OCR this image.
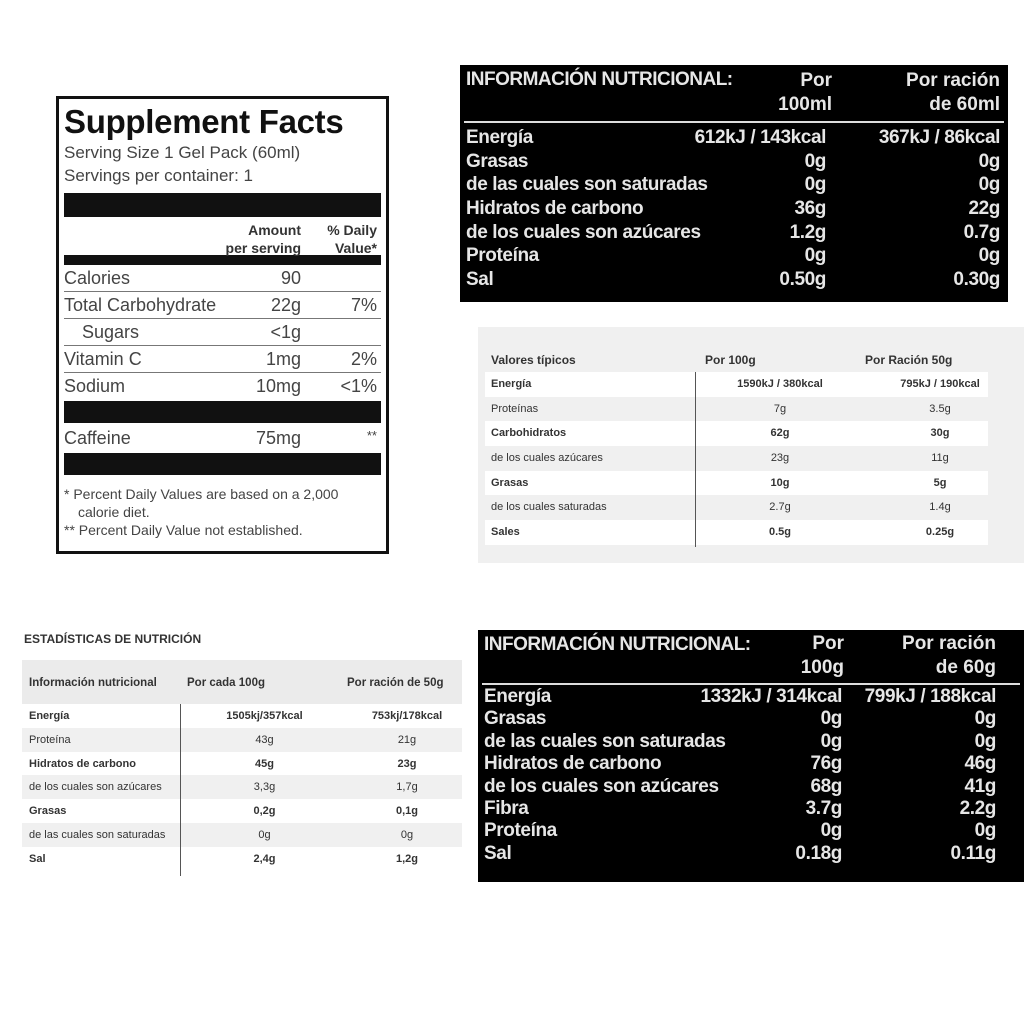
Supplement Facts
Serving Size 1 Gel Pack (60ml)
Servings per container: 1
Amount
per serving
% Daily
Value*
Calories	90
Total Carbohydrate	22g	7%
Sugars	<1g
Vitamin C	1mg	2%
Sodium	10mg <1%
Caffeine	75mg	**
* Percent Daily Values are based on a 2,000 calorie diet.
** Percent Daily Value not established.
INFORMACIÓN NUTRICIONAL:	Por
100ml
Por ración
de 60ml
Energía	612kJ / 143kcal	367kJ / 86kcal
Grasas	0g	0g
de las cuales son saturadas	0g	0g
Hidratos de carbono	36g	22g
de los cuales son azúcares	1.2g	0.7g
Proteína	0g	0g
Sal	0.50g	0.30g
Valores típicos	Por 100g	Por Ración 50g
Energía	1590kJ / 380kcal	795kJ / 190kcal
Proteínas	7g	3.5g
Carbohidratos	62g	30g
de los cuales azúcares	23g	11g
Grasas	10g	5g
de los cuales saturadas	2.7g	1.4g
Sales	0.5g	0.25g
ESTADÍSTICAS DE NUTRICIÓN
Información nutricional	Por cada 100g	Por ración de 50g
Energía	1505kj/357kcal	753kj/178kcal
Proteína	43g	21g
Hidratos de carbono	45g	23g
de los cuales son azúcares	3,3g	1,7g
Grasas	0,2g	0,1g
de las cuales son saturadas	0g	0g
Sal	2,4g	1,2g
INFORMACIÓN NUTRICIONAL:	Por
100g
Por ración
de 60g
Energía	1332kJ / 314kcal 799kJ / 188kcal
Grasas	0g	0g
de las cuales son saturadas	0g	0g
Hidratos de carbono	76g	46g
de los cuales son azúcares	68g	41g
Fibra	3.7g	2.2g
Proteína	0g	0g
Sal	0.18g	0.11g
